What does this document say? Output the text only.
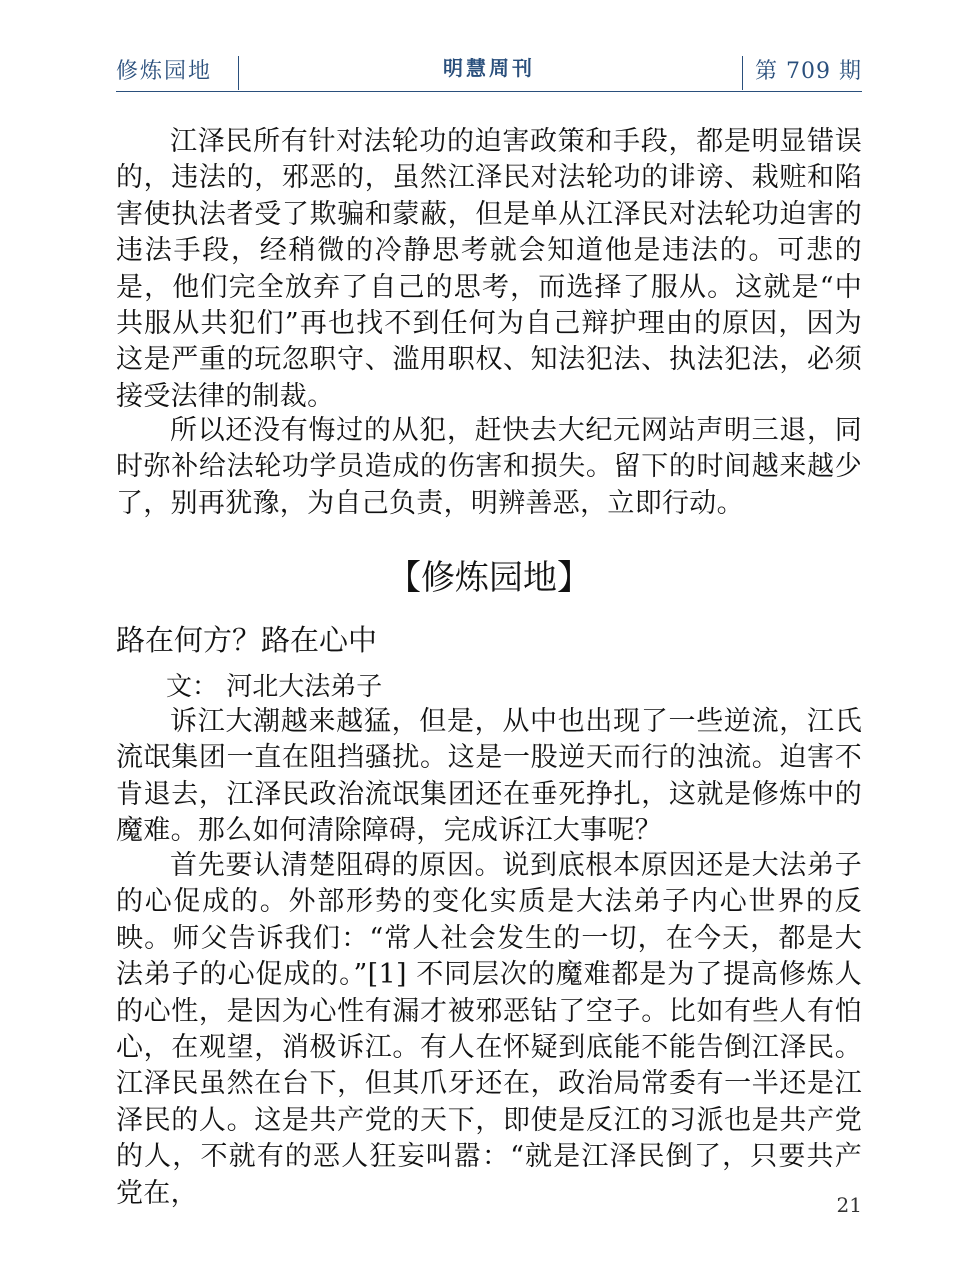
修炼园地	明慧周刊	第 709 期

江泽民所有针对法轮功的迫害政策和手段，都是明显错误的，违法的，邪恶的，虽然江泽民对法轮功的诽谤、栽赃和陷害使执法者受了欺骗和蒙蔽，但是单从江泽民对法轮功迫害的违法手段，经稍微的冷静思考就会知道他是违法的。可悲的是，他们完全放弃了自己的思考，而选择了服从。这就是“中共服从共犯们”再也找不到任何为自己辩护理由的原因，因为这是严重的玩忽职守、滥用职权、知法犯法、执法犯法，必须接受法律的制裁。

所以还没有悔过的从犯，赶快去大纪元网站声明三退，同时弥补给法轮功学员造成的伤害和损失。留下的时间越来越少了，别再犹豫，为自己负责，明辨善恶，立即行动。

【修炼园地】
路在何方？路在心中
文： 河北大法弟子

诉江大潮越来越猛，但是，从中也出现了一些逆流，江氏流氓集团一直在阻挡骚扰。这是一股逆天而行的浊流。迫害不肯退去，江泽民政治流氓集团还在垂死挣扎，这就是修炼中的魔难。那么如何清除障碍，完成诉江大事呢？

首先要认清楚阻碍的原因。说到底根本原因还是大法弟子的心促成的。外部形势的变化实质是大法弟子内心世界的反映。师父告诉我们：“常人社会发生的一切，在今天，都是大法弟子的心促成的。”[1] 不同层次的魔难都是为了提高修炼人的心性，是因为心性有漏才被邪恶钻了空子。比如有些人有怕心，在观望，消极诉江。有人在怀疑到底能不能告倒江泽民。江泽民虽然在台下，但其爪牙还在，政治局常委有一半还是江泽民的人。这是共产党的天下，即使是反江的习派也是共产党的人，不就有的恶人狂妄叫嚣：“就是江泽民倒了，只要共产党在，	21
